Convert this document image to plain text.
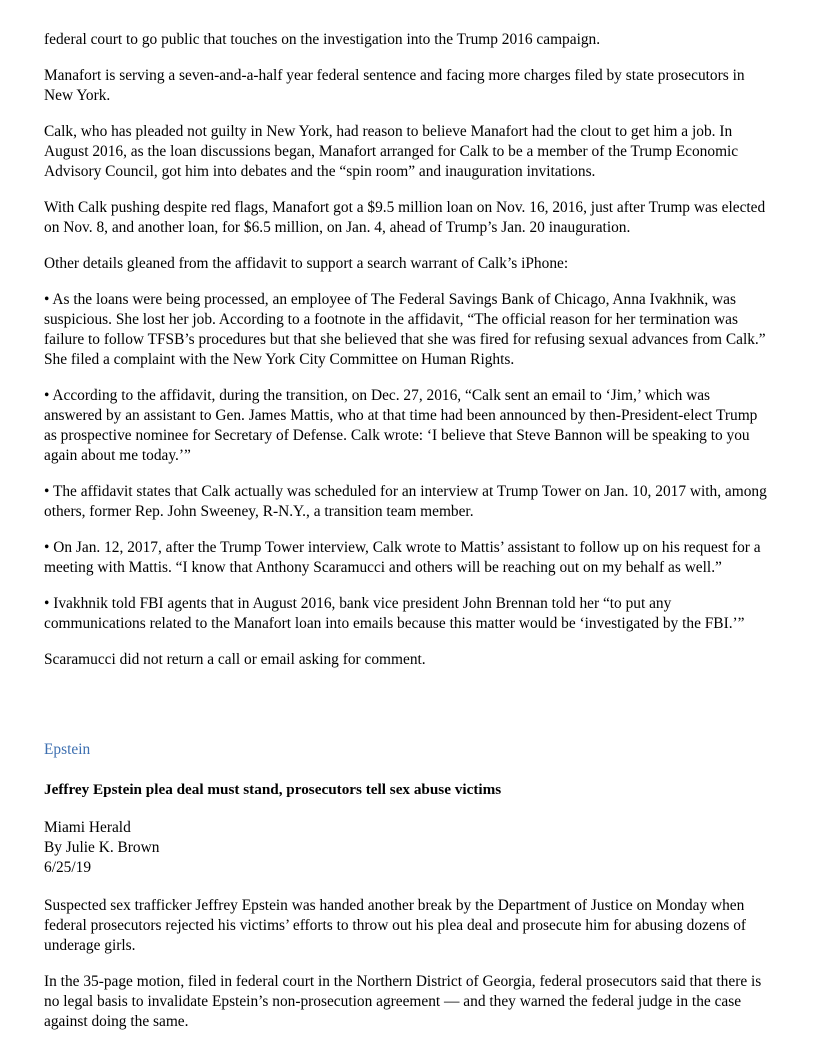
federal court to go public that touches on the investigation into the Trump 2016 campaign.

Manafort is serving a seven-and-a-half year federal sentence and facing more charges filed by state prosecutors in New York.

Calk, who has pleaded not guilty in New York, had reason to believe Manafort had the clout to get him a job. In August 2016, as the loan discussions began, Manafort arranged for Calk to be a member of the Trump Economic Advisory Council, got him into debates and the “spin room” and inauguration invitations.

With Calk pushing despite red flags, Manafort got a $9.5 million loan on Nov. 16, 2016, just after Trump was elected on Nov. 8, and another loan, for $6.5 million, on Jan. 4, ahead of Trump’s Jan. 20 inauguration.

Other details gleaned from the affidavit to support a search warrant of Calk’s iPhone:

• As the loans were being processed, an employee of The Federal Savings Bank of Chicago, Anna Ivakhnik, was suspicious. She lost her job. According to a footnote in the affidavit, “The official reason for her termination was failure to follow TFSB’s procedures but that she believed that she was fired for refusing sexual advances from Calk.” She filed a complaint with the New York City Committee on Human Rights.

• According to the affidavit, during the transition, on Dec. 27, 2016, “Calk sent an email to ‘Jim,’ which was answered by an assistant to Gen. James Mattis, who at that time had been announced by then-President-elect Trump as prospective nominee for Secretary of Defense. Calk wrote: ‘I believe that Steve Bannon will be speaking to you again about me today.’”

• The affidavit states that Calk actually was scheduled for an interview at Trump Tower on Jan. 10, 2017 with, among others, former Rep. John Sweeney, R-N.Y., a transition team member.

• On Jan. 12, 2017, after the Trump Tower interview, Calk wrote to Mattis’ assistant to follow up on his request for a meeting with Mattis. “I know that Anthony Scaramucci and others will be reaching out on my behalf as well.”

• Ivakhnik told FBI agents that in August 2016, bank vice president John Brennan told her “to put any communications related to the Manafort loan into emails because this matter would be ‘investigated by the FBI.’”

Scaramucci did not return a call or email asking for comment.

Epstein

Jeffrey Epstein plea deal must stand, prosecutors tell sex abuse victims

Miami Herald
By Julie K. Brown
6/25/19

Suspected sex trafficker Jeffrey Epstein was handed another break by the Department of Justice on Monday when federal prosecutors rejected his victims’ efforts to throw out his plea deal and prosecute him for abusing dozens of underage girls.

In the 35-page motion, filed in federal court in the Northern District of Georgia, federal prosecutors said that there is no legal basis to invalidate Epstein’s non-prosecution agreement — and they warned the federal judge in the case against doing the same.
